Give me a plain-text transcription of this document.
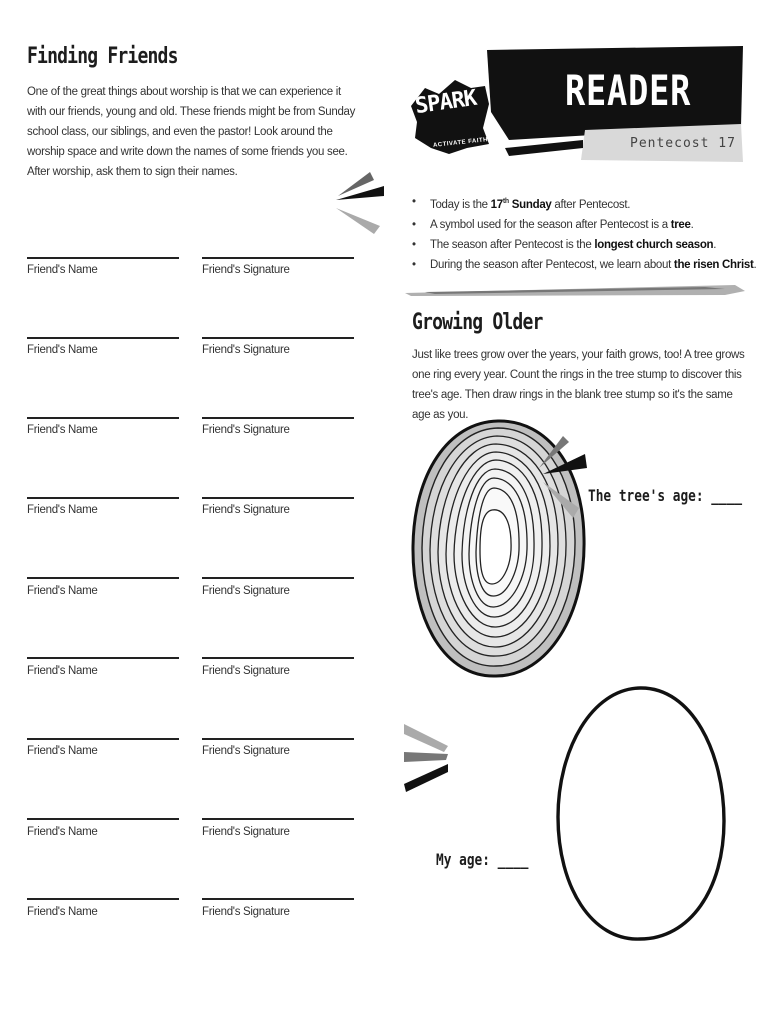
Finding Friends
One of the great things about worship is that we can experience it with our friends, young and old. These friends might be from Sunday school class, our siblings, and even the pastor! Look around the worship space and write down the names of some friends you see. After worship, ask them to sign their names.
Friend's Name	Friend's Signature
Friend's Name	Friend's Signature
Friend's Name	Friend's Signature
Friend's Name	Friend's Signature
Friend's Name	Friend's Signature
Friend's Name	Friend's Signature
Friend's Name	Friend's Signature
Friend's Name	Friend's Signature
Friend's Name	Friend's Signature
SPARK
ACTIVATE FAITH
READER
Pentecost 17
• Today is the 17th Sunday after Pentecost.
• A symbol used for the season after Pentecost is a tree.
• The season after Pentecost is the longest church season.
• During the season after Pentecost, we learn about the risen Christ.
Growing Older
Just like trees grow over the years, your faith grows, too! A tree grows one ring every year. Count the rings in the tree stump to discover this tree's age. Then draw rings in the blank tree stump so it's the same age as you.
The tree's age: ____
My age: ____
